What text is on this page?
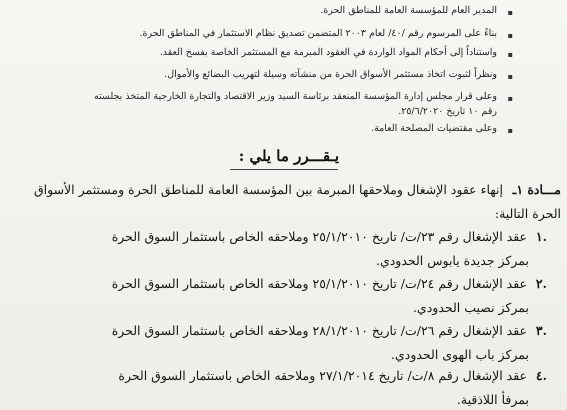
▪
المدير العام للمؤسسة العامة للمناطق الحرة.
▪
بناءً على المرسوم رقم /٤٠/ لعام ٢٠٠٣ المتضمن تصديق نظام الاستثمار في المناطق الحرة.
▪
واستناداً إلى أحكام المواد الواردة في العقود المبرمة مع المستثمر الخاصة بفسخ العقد.
▪
ونظراً لثبوت اتخاذ مستثمر الأسواق الحرة من منشآته وسيلة لتهريب البضائع والأموال.
▪
وعلى قرار مجلس إدارة المؤسسة المنعقد برئاسة السيد وزير الاقتصاد والتجارة الخارجية المتخذ بجلسته
رقم ١٠ تاريخ ٢٥/٦/٢٠٢٠.
▪
وعلى مقتضيات المصلحة العامة.
يـقـــرر ما يلي :
مـــادة ١ـ
إنهاء عقود الإشغال وملاحقها المبرمة بين المؤسسة العامة للمناطق الحرة ومستثمر الأسواق
الحرة التالية:
١.
عقد الإشغال رقم ٢٣/ت/ تاريخ ٢٥/١/٢٠١٠ وملاحقه الخاص باستثمار السوق الحرة
بمركز جديدة يابوس الحدودي.
٢.
عقد الإشغال رقم ٢٤/ت/ تاريخ ٢٥/١/٢٠١٠ وملاحقه الخاص باستثمار السوق الحرة
بمركز نصيب الحدودي.
٣.
عقد الإشغال رقم ٢٦/ت/ تاريخ ٢٨/١/٢٠١٠ وملاحقه الخاص باستثمار السوق الحرة
بمركز باب الهوى الحدودي.
٤.
عقد الإشغال رقم ٨/ت/ تاريخ ٢٧/١/٢٠١٤ وملاحقه الخاص باستثمار السوق الحرة
بمرفأ اللاذقية.
